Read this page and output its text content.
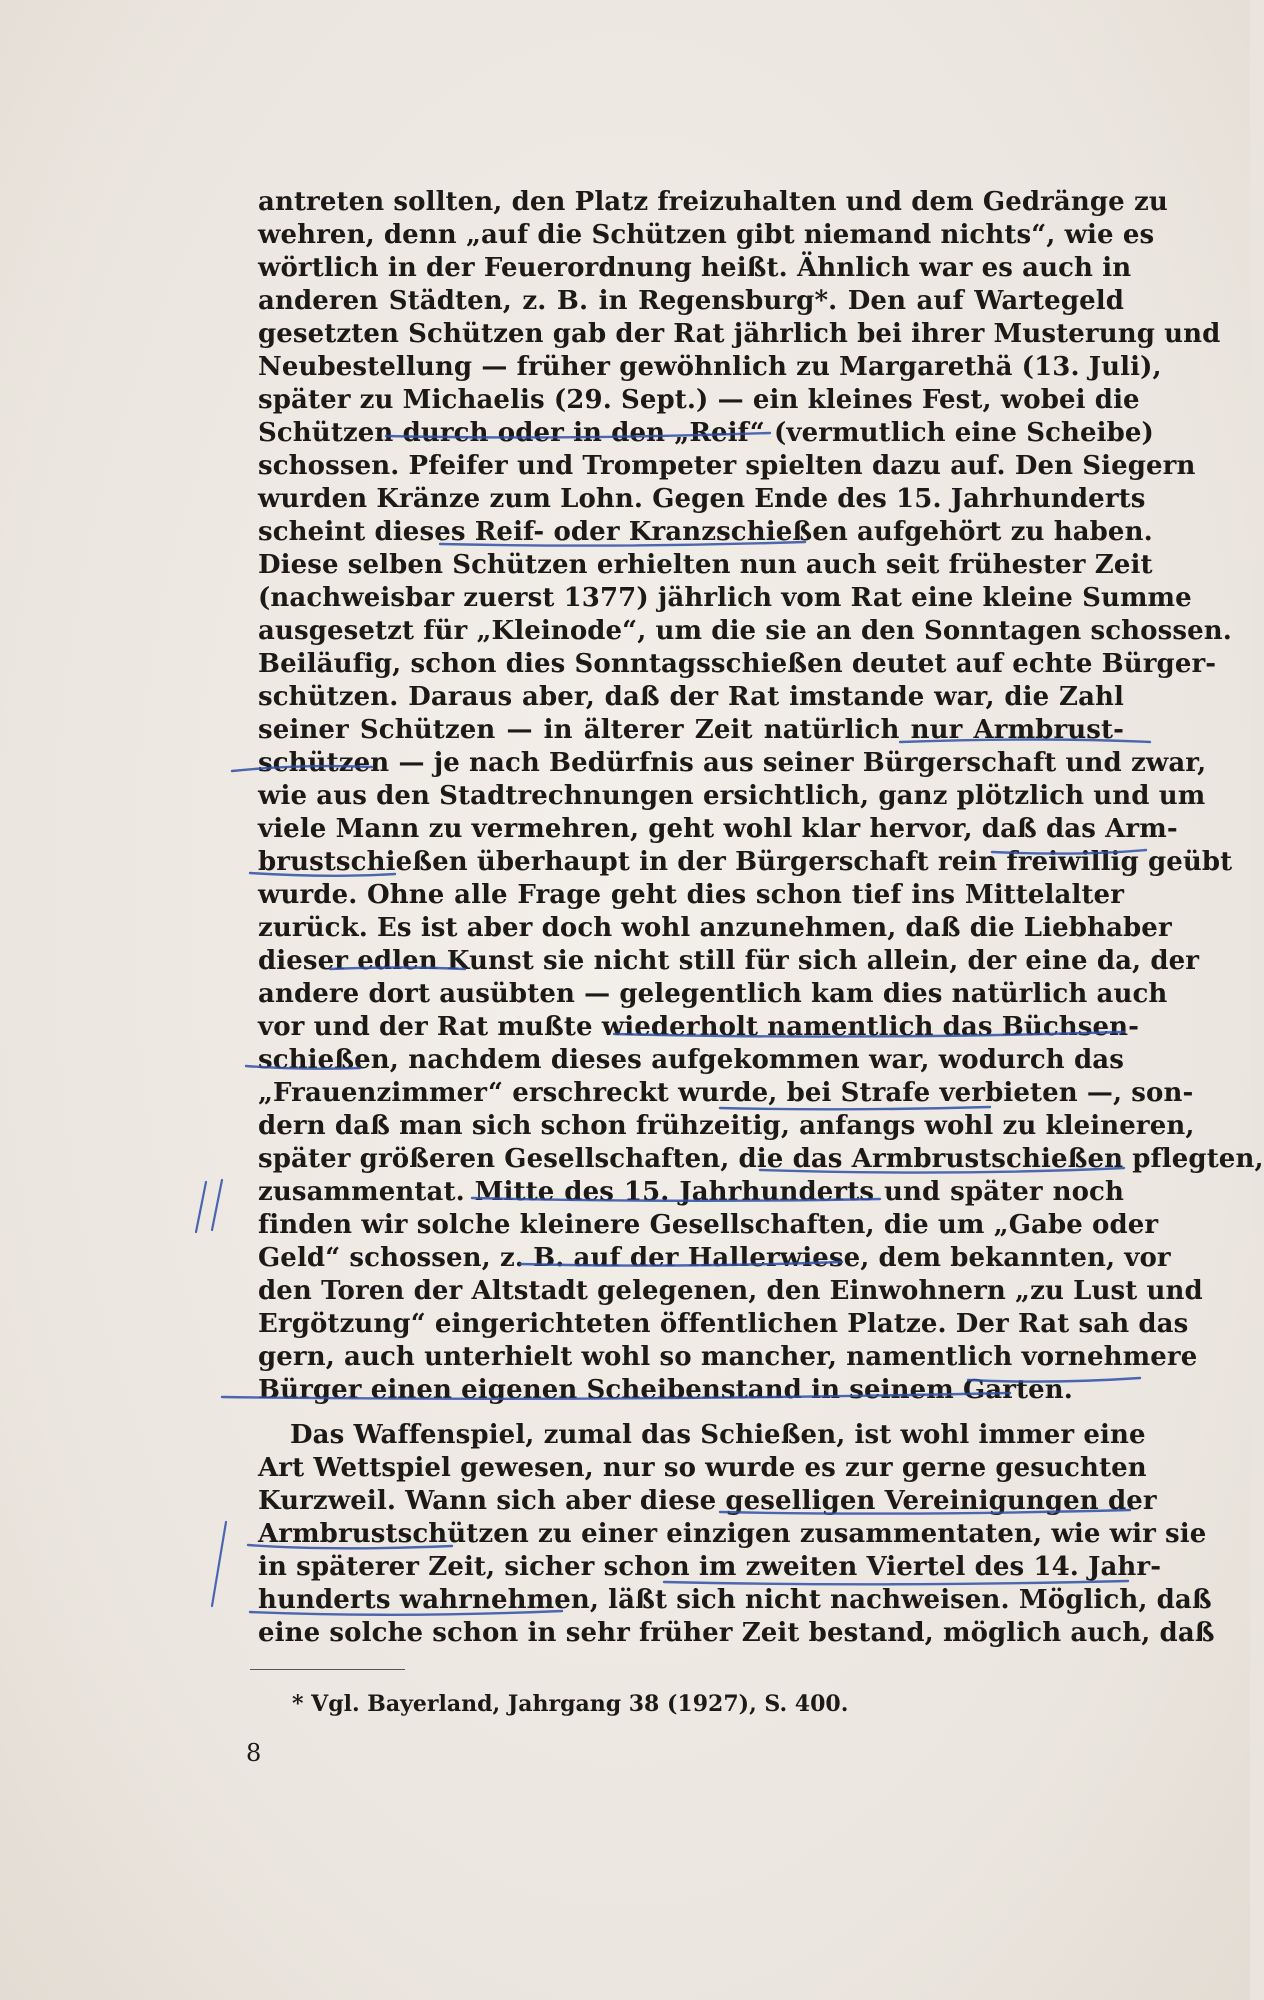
antreten sollten, den Platz freizuhalten und dem Gedränge zu
wehren, denn „auf die Schützen gibt niemand nichts“, wie es
wörtlich in der Feuerordnung heißt. Ähnlich war es auch in
anderen Städten, z. B. in Regensburg*. Den auf Wartegeld
gesetzten Schützen gab der Rat jährlich bei ihrer Musterung und
Neubestellung — früher gewöhnlich zu Margarethä (13. Juli),
später zu Michaelis (29. Sept.) — ein kleines Fest, wobei die
Schützen durch oder in den „Reif“ (vermutlich eine Scheibe)
schossen. Pfeifer und Trompeter spielten dazu auf. Den Siegern
wurden Kränze zum Lohn. Gegen Ende des 15. Jahrhunderts
scheint dieses Reif- oder Kranzschießen aufgehört zu haben.
Diese selben Schützen erhielten nun auch seit frühester Zeit
(nachweisbar zuerst 1377) jährlich vom Rat eine kleine Summe
ausgesetzt für „Kleinode“, um die sie an den Sonntagen schossen.
Beiläufig, schon dies Sonntagsschießen deutet auf echte Bürger-
schützen. Daraus aber, daß der Rat imstande war, die Zahl
seiner Schützen — in älterer Zeit natürlich nur Armbrust-
schützen — je nach Bedürfnis aus seiner Bürgerschaft und zwar,
wie aus den Stadtrechnungen ersichtlich, ganz plötzlich und um
viele Mann zu vermehren, geht wohl klar hervor, daß das Arm-
brustschießen überhaupt in der Bürgerschaft rein freiwillig geübt
wurde. Ohne alle Frage geht dies schon tief ins Mittelalter
zurück. Es ist aber doch wohl anzunehmen, daß die Liebhaber
dieser edlen Kunst sie nicht still für sich allein, der eine da, der
andere dort ausübten — gelegentlich kam dies natürlich auch
vor und der Rat mußte wiederholt namentlich das Büchsen-
schießen, nachdem dieses aufgekommen war, wodurch das
„Frauenzimmer“ erschreckt wurde, bei Strafe verbieten —, son-
dern daß man sich schon frühzeitig, anfangs wohl zu kleineren,
später größeren Gesellschaften, die das Armbrustschießen pflegten,
zusammentat. Mitte des 15. Jahrhunderts und später noch
finden wir solche kleinere Gesellschaften, die um „Gabe oder
Geld“ schossen, z. B. auf der Hallerwiese, dem bekannten, vor
den Toren der Altstadt gelegenen, den Einwohnern „zu Lust und
Ergötzung“ eingerichteten öffentlichen Platze. Der Rat sah das
gern, auch unterhielt wohl so mancher, namentlich vornehmere
Bürger einen eigenen Scheibenstand in seinem Garten.
Das Waffenspiel, zumal das Schießen, ist wohl immer eine
Art Wettspiel gewesen, nur so wurde es zur gerne gesuchten
Kurzweil. Wann sich aber diese geselligen Vereinigungen der
Armbrustschützen zu einer einzigen zusammentaten, wie wir sie
in späterer Zeit, sicher schon im zweiten Viertel des 14. Jahr-
hunderts wahrnehmen, läßt sich nicht nachweisen. Möglich, daß
eine solche schon in sehr früher Zeit bestand, möglich auch, daß
* Vgl. Bayerland, Jahrgang 38 (1927), S. 400.
8
